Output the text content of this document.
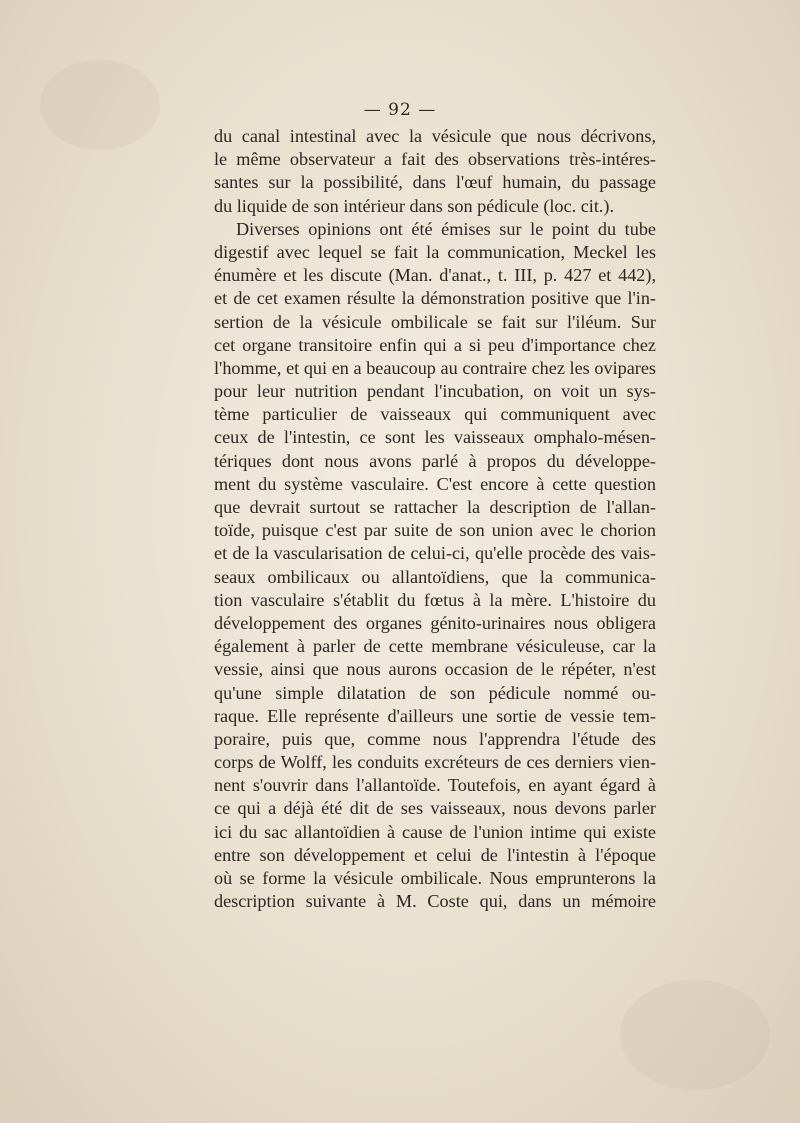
— 92 —
du canal intestinal avec la vésicule que nous décrivons,
le même observateur a fait des observations très-intéres-
santes sur la possibilité, dans l'œuf humain, du passage
du liquide de son intérieur dans son pédicule (loc. cit.).
Diverses opinions ont été émises sur le point du tube
digestif avec lequel se fait la communication, Meckel les
énumère et les discute (Man. d'anat., t. III, p. 427 et 442),
et de cet examen résulte la démonstration positive que l'in-
sertion de la vésicule ombilicale se fait sur l'iléum. Sur
cet organe transitoire enfin qui a si peu d'importance chez
l'homme, et qui en a beaucoup au contraire chez les ovipares
pour leur nutrition pendant l'incubation, on voit un sys-
tème particulier de vaisseaux qui communiquent avec
ceux de l'intestin, ce sont les vaisseaux omphalo-mésen-
tériques dont nous avons parlé à propos du développe-
ment du système vasculaire. C'est encore à cette question
que devrait surtout se rattacher la description de l'allan-
toïde, puisque c'est par suite de son union avec le chorion
et de la vascularisation de celui-ci, qu'elle procède des vais-
seaux ombilicaux ou allantoïdiens, que la communica-
tion vasculaire s'établit du fœtus à la mère. L'histoire du
développement des organes génito-urinaires nous obligera
également à parler de cette membrane vésiculeuse, car la
vessie, ainsi que nous aurons occasion de le répéter, n'est
qu'une simple dilatation de son pédicule nommé ou-
raque. Elle représente d'ailleurs une sortie de vessie tem-
poraire, puis que, comme nous l'apprendra l'étude des
corps de Wolff, les conduits excréteurs de ces derniers vien-
nent s'ouvrir dans l'allantoïde. Toutefois, en ayant égard à
ce qui a déjà été dit de ses vaisseaux, nous devons parler
ici du sac allantoïdien à cause de l'union intime qui existe
entre son développement et celui de l'intestin à l'époque
où se forme la vésicule ombilicale. Nous emprunterons la
description suivante à M. Coste qui, dans un mémoire
